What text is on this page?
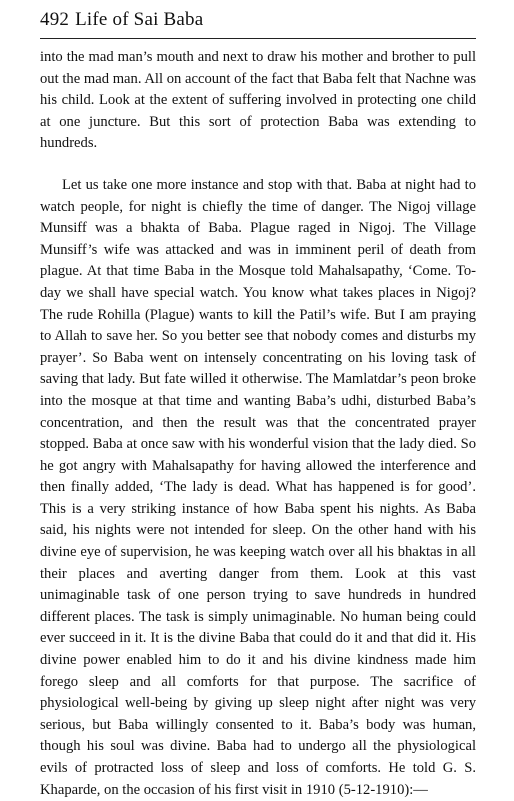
492 Life of Sai Baba

into the mad man’s mouth and next to draw his mother and brother to pull out the mad man. All on account of the fact that Baba felt that Nachne was his child. Look at the extent of suffering involved in protecting one child at one juncture. But this sort of protection Baba was extending to hundreds.

Let us take one more instance and stop with that. Baba at night had to watch people, for night is chiefly the time of danger. The Nigoj village Munsiff was a bhakta of Baba. Plague raged in Nigoj. The Village Munsiff’s wife was attacked and was in imminent peril of death from plague. At that time Baba in the Mosque told Mahalsapathy, ‘Come. To-day we shall have special watch. You know what takes places in Nigoj? The rude Rohilla (Plague) wants to kill the Patil’s wife. But I am praying to Allah to save her. So you better see that nobody comes and disturbs my prayer’. So Baba went on intensely concentrating on his loving task of saving that lady. But fate willed it otherwise. The Mamlatdar’s peon broke into the mosque at that time and wanting Baba’s udhi, disturbed Baba’s concentration, and then the result was that the concentrated prayer stopped. Baba at once saw with his wonderful vision that the lady died. So he got angry with Mahalsapathy for having allowed the interference and then finally added, ‘The lady is dead. What has happened is for good’. This is a very striking instance of how Baba spent his nights. As Baba said, his nights were not intended for sleep. On the other hand with his divine eye of supervision, he was keeping watch over all his bhaktas in all their places and averting danger from them. Look at this vast unimaginable task of one person trying to save hundreds in hundred different places. The task is simply unimaginable. No human being could ever succeed in it. It is the divine Baba that could do it and that did it. His divine power enabled him to do it and his divine kindness made him forego sleep and all comforts for that purpose. The sacrifice of physiological well-being by giving up sleep night after night was very serious, but Baba willingly consented to it. Baba’s body was human, though his soul was divine. Baba had to undergo all the physiological evils of protracted loss of sleep and loss of comforts. He told G. S. Khaparde, on the occasion of his first visit in 1910 (5-12-1910):—
